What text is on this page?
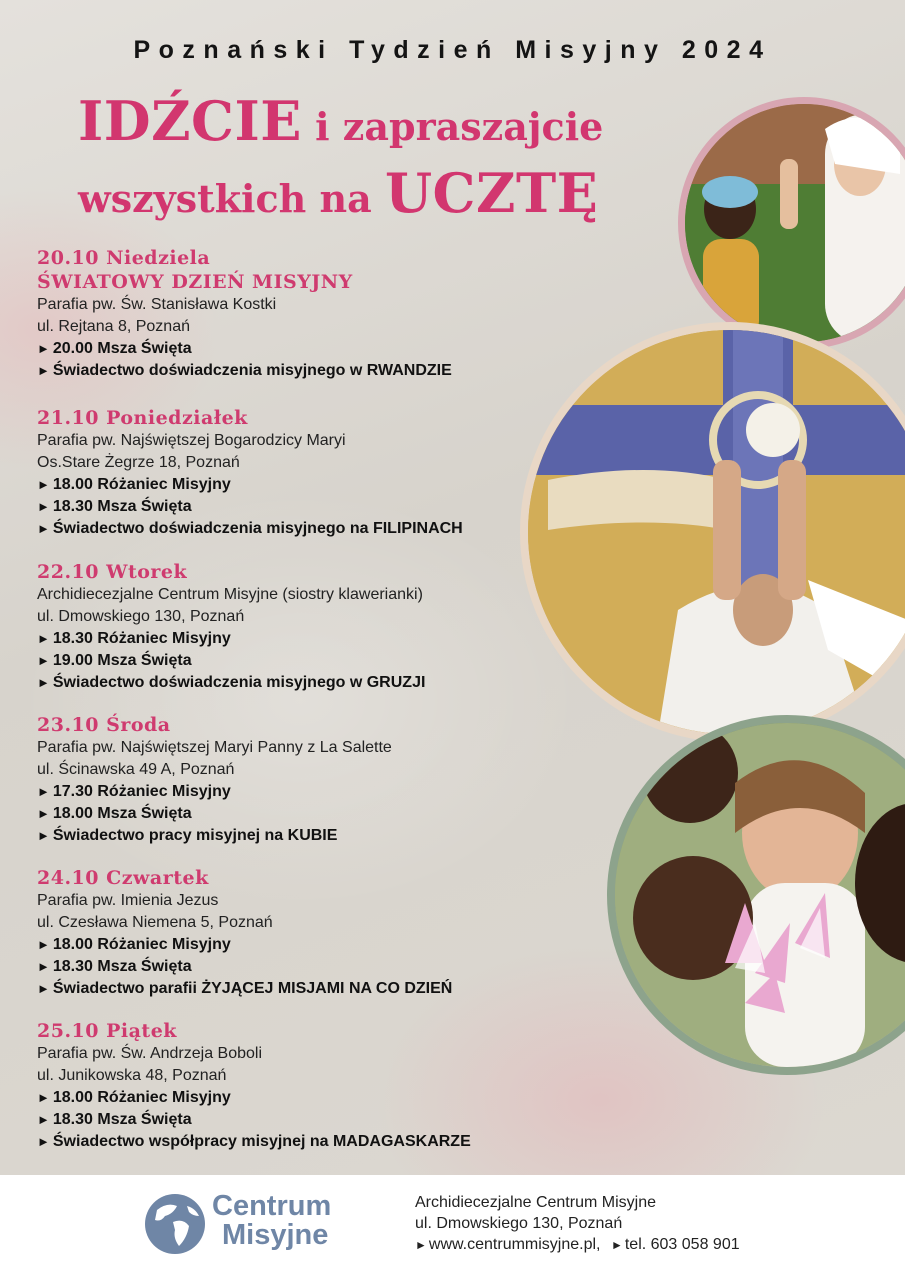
Poznański Tydzień Misyjny 2024
IDŹCIE i zapraszajcie
wszystkich na UCZTĘ
20.10 Niedziela
ŚWIATOWY DZIEŃ MISYJNY
Parafia pw. Św. Stanisława Kostki
ul. Rejtana 8, Poznań
► 20.00 Msza Święta
► Świadectwo doświadczenia misyjnego w RWANDZIE
21.10 Poniedziałek
Parafia pw. Najświętszej Bogarodzicy Maryi
Os.Stare Żegrze 18, Poznań
► 18.00 Różaniec Misyjny
► 18.30 Msza Święta
► Świadectwo doświadczenia misyjnego na FILIPINACH
22.10 Wtorek
Archidiecezjalne Centrum Misyjne (siostry klawerianki)
ul. Dmowskiego 130, Poznań
► 18.30 Różaniec Misyjny
► 19.00 Msza Święta
► Świadectwo doświadczenia misyjnego w GRUZJI
23.10 Środa
Parafia pw. Najświętszej Maryi Panny z La Salette
ul. Ścinawska 49 A, Poznań
► 17.30 Różaniec Misyjny
► 18.00 Msza Święta
► Świadectwo pracy misyjnej na KUBIE
24.10 Czwartek
Parafia pw. Imienia Jezus
ul. Czesława Niemena 5, Poznań
► 18.00 Różaniec Misyjny
► 18.30 Msza Święta
► Świadectwo parafii ŻYJĄCEJ MISJAMI NA CO DZIEŃ
25.10 Piątek
Parafia pw. Św. Andrzeja Boboli
ul. Junikowska 48, Poznań
► 18.00 Różaniec Misyjny
► 18.30 Msza Święta
► Świadectwo współpracy misyjnej na MADAGASKARZE
Centrum
Misyjne
Archidiecezjalne Centrum Misyjne
ul. Dmowskiego 130, Poznań
► www.centrummisyjne.pl, ► tel. 603 058 901
